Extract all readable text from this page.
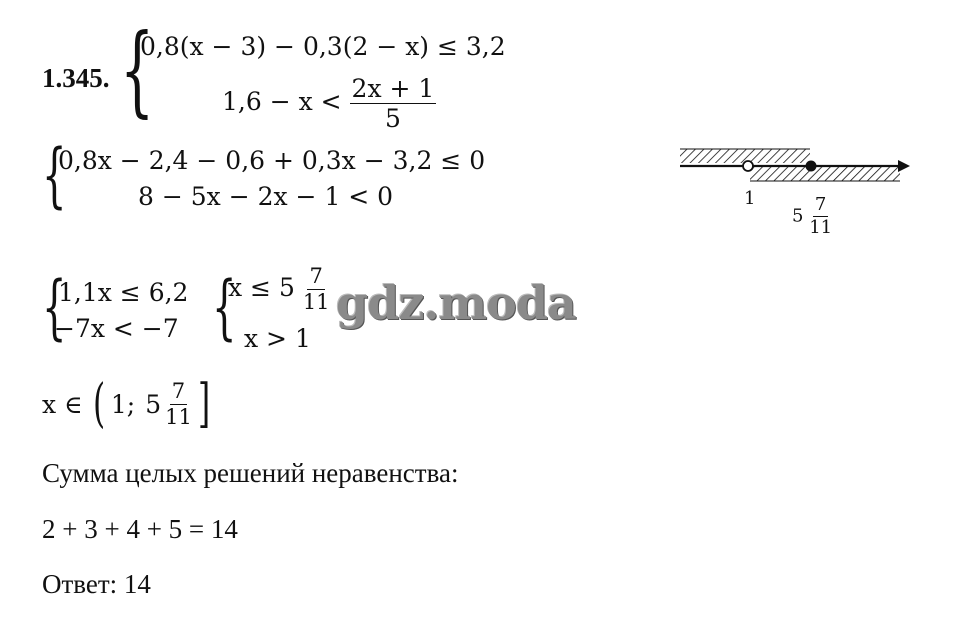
1.345. {
0,8(x − 3) − 0,3(2 − x) ≤ 3,2
$1,6 - x < \frac{2x + 1}{5}$
{
0,8x − 2,4 − 0,6 + 0,3x − 3,2 ≤ 0
8 − 5x − 2x − 1 < 0	1
$5 \frac{7}{11}$
{
1,1x ≤ 6,2
−7x < −7 {
$x \le 5 \frac{7}{11}$
x > 1
gdz.moda
x ∈ ( 1; $5 \frac{7}{11}$ ]
Сумма целых решений неравенства:
2 + 3 + 4 + 5 = 14
Ответ: 14
